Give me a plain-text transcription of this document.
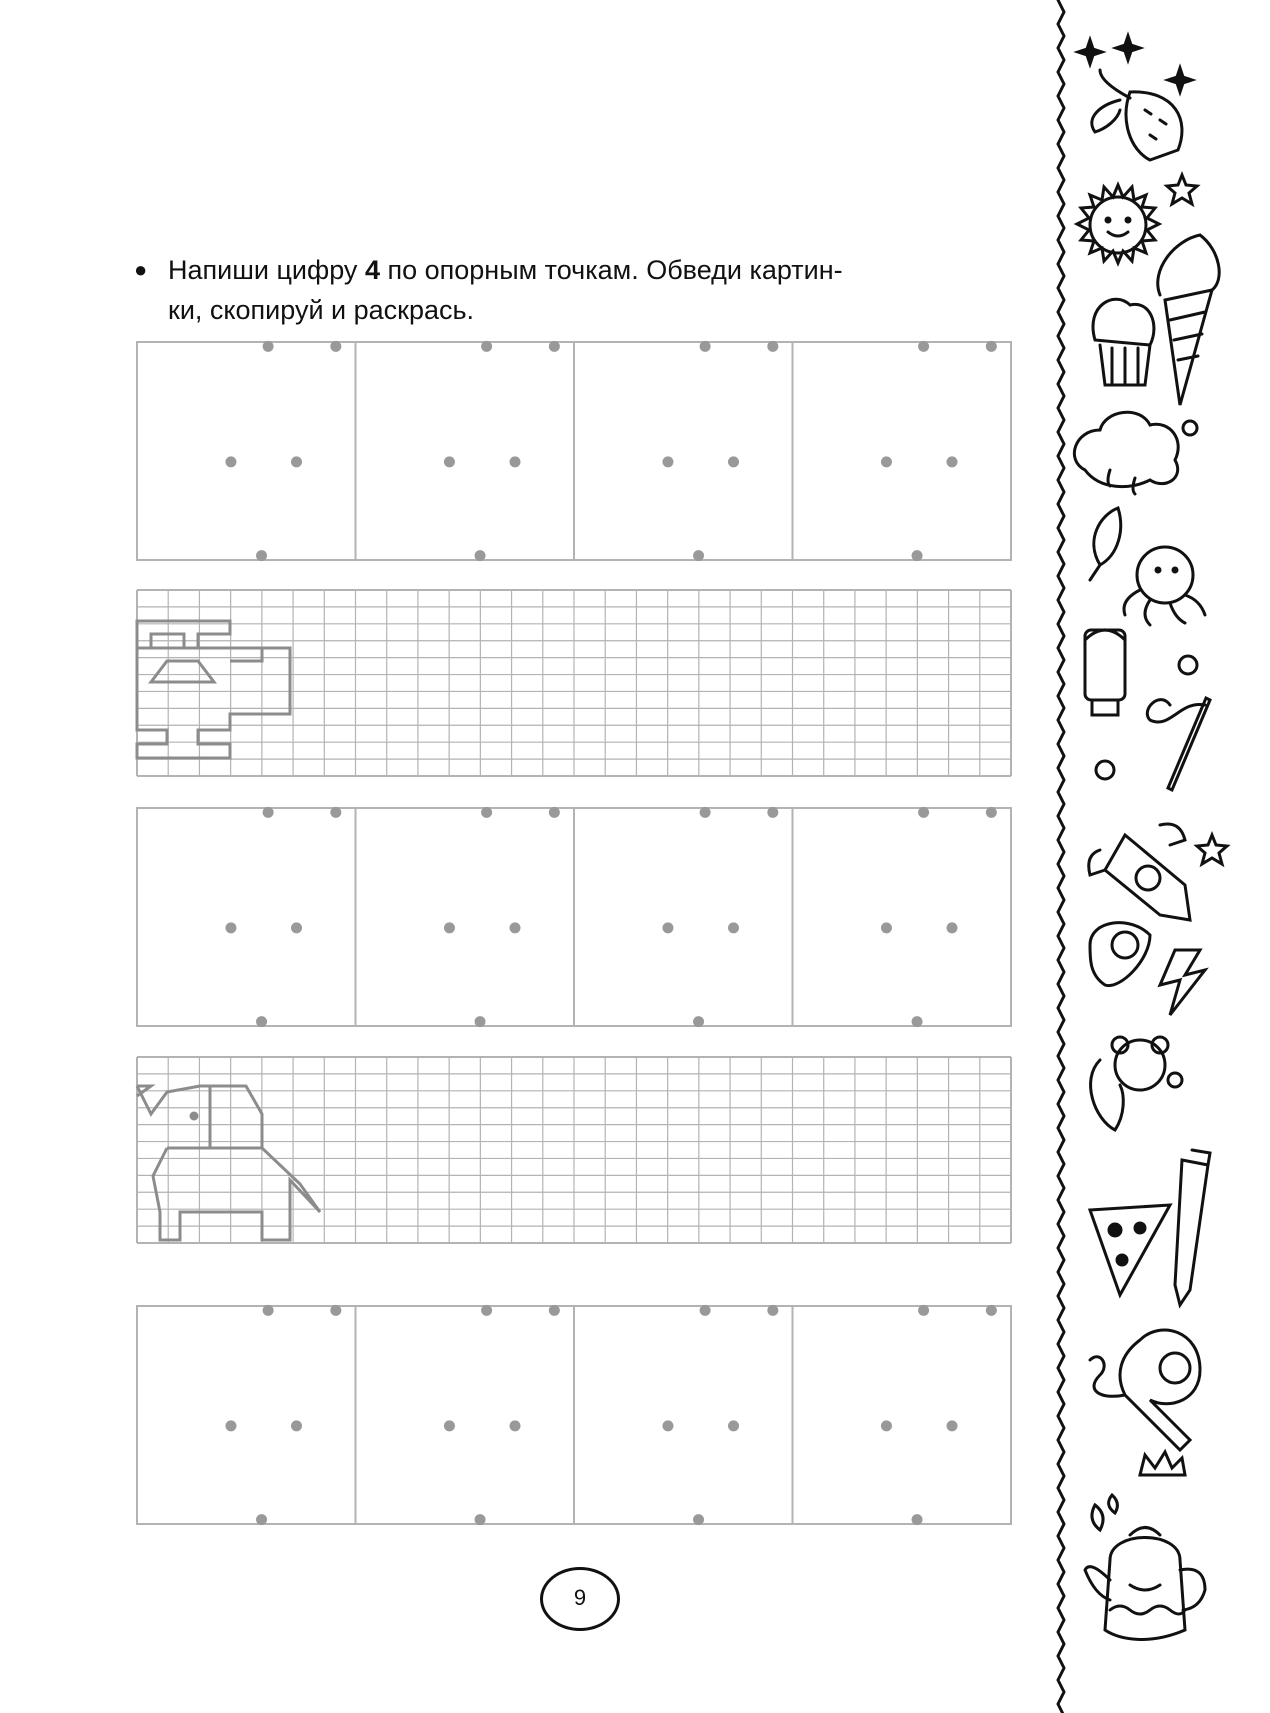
● Напиши цифру 4 по опорным точкам. Обведи картин-
ки, скопируй и раскрась.

9
